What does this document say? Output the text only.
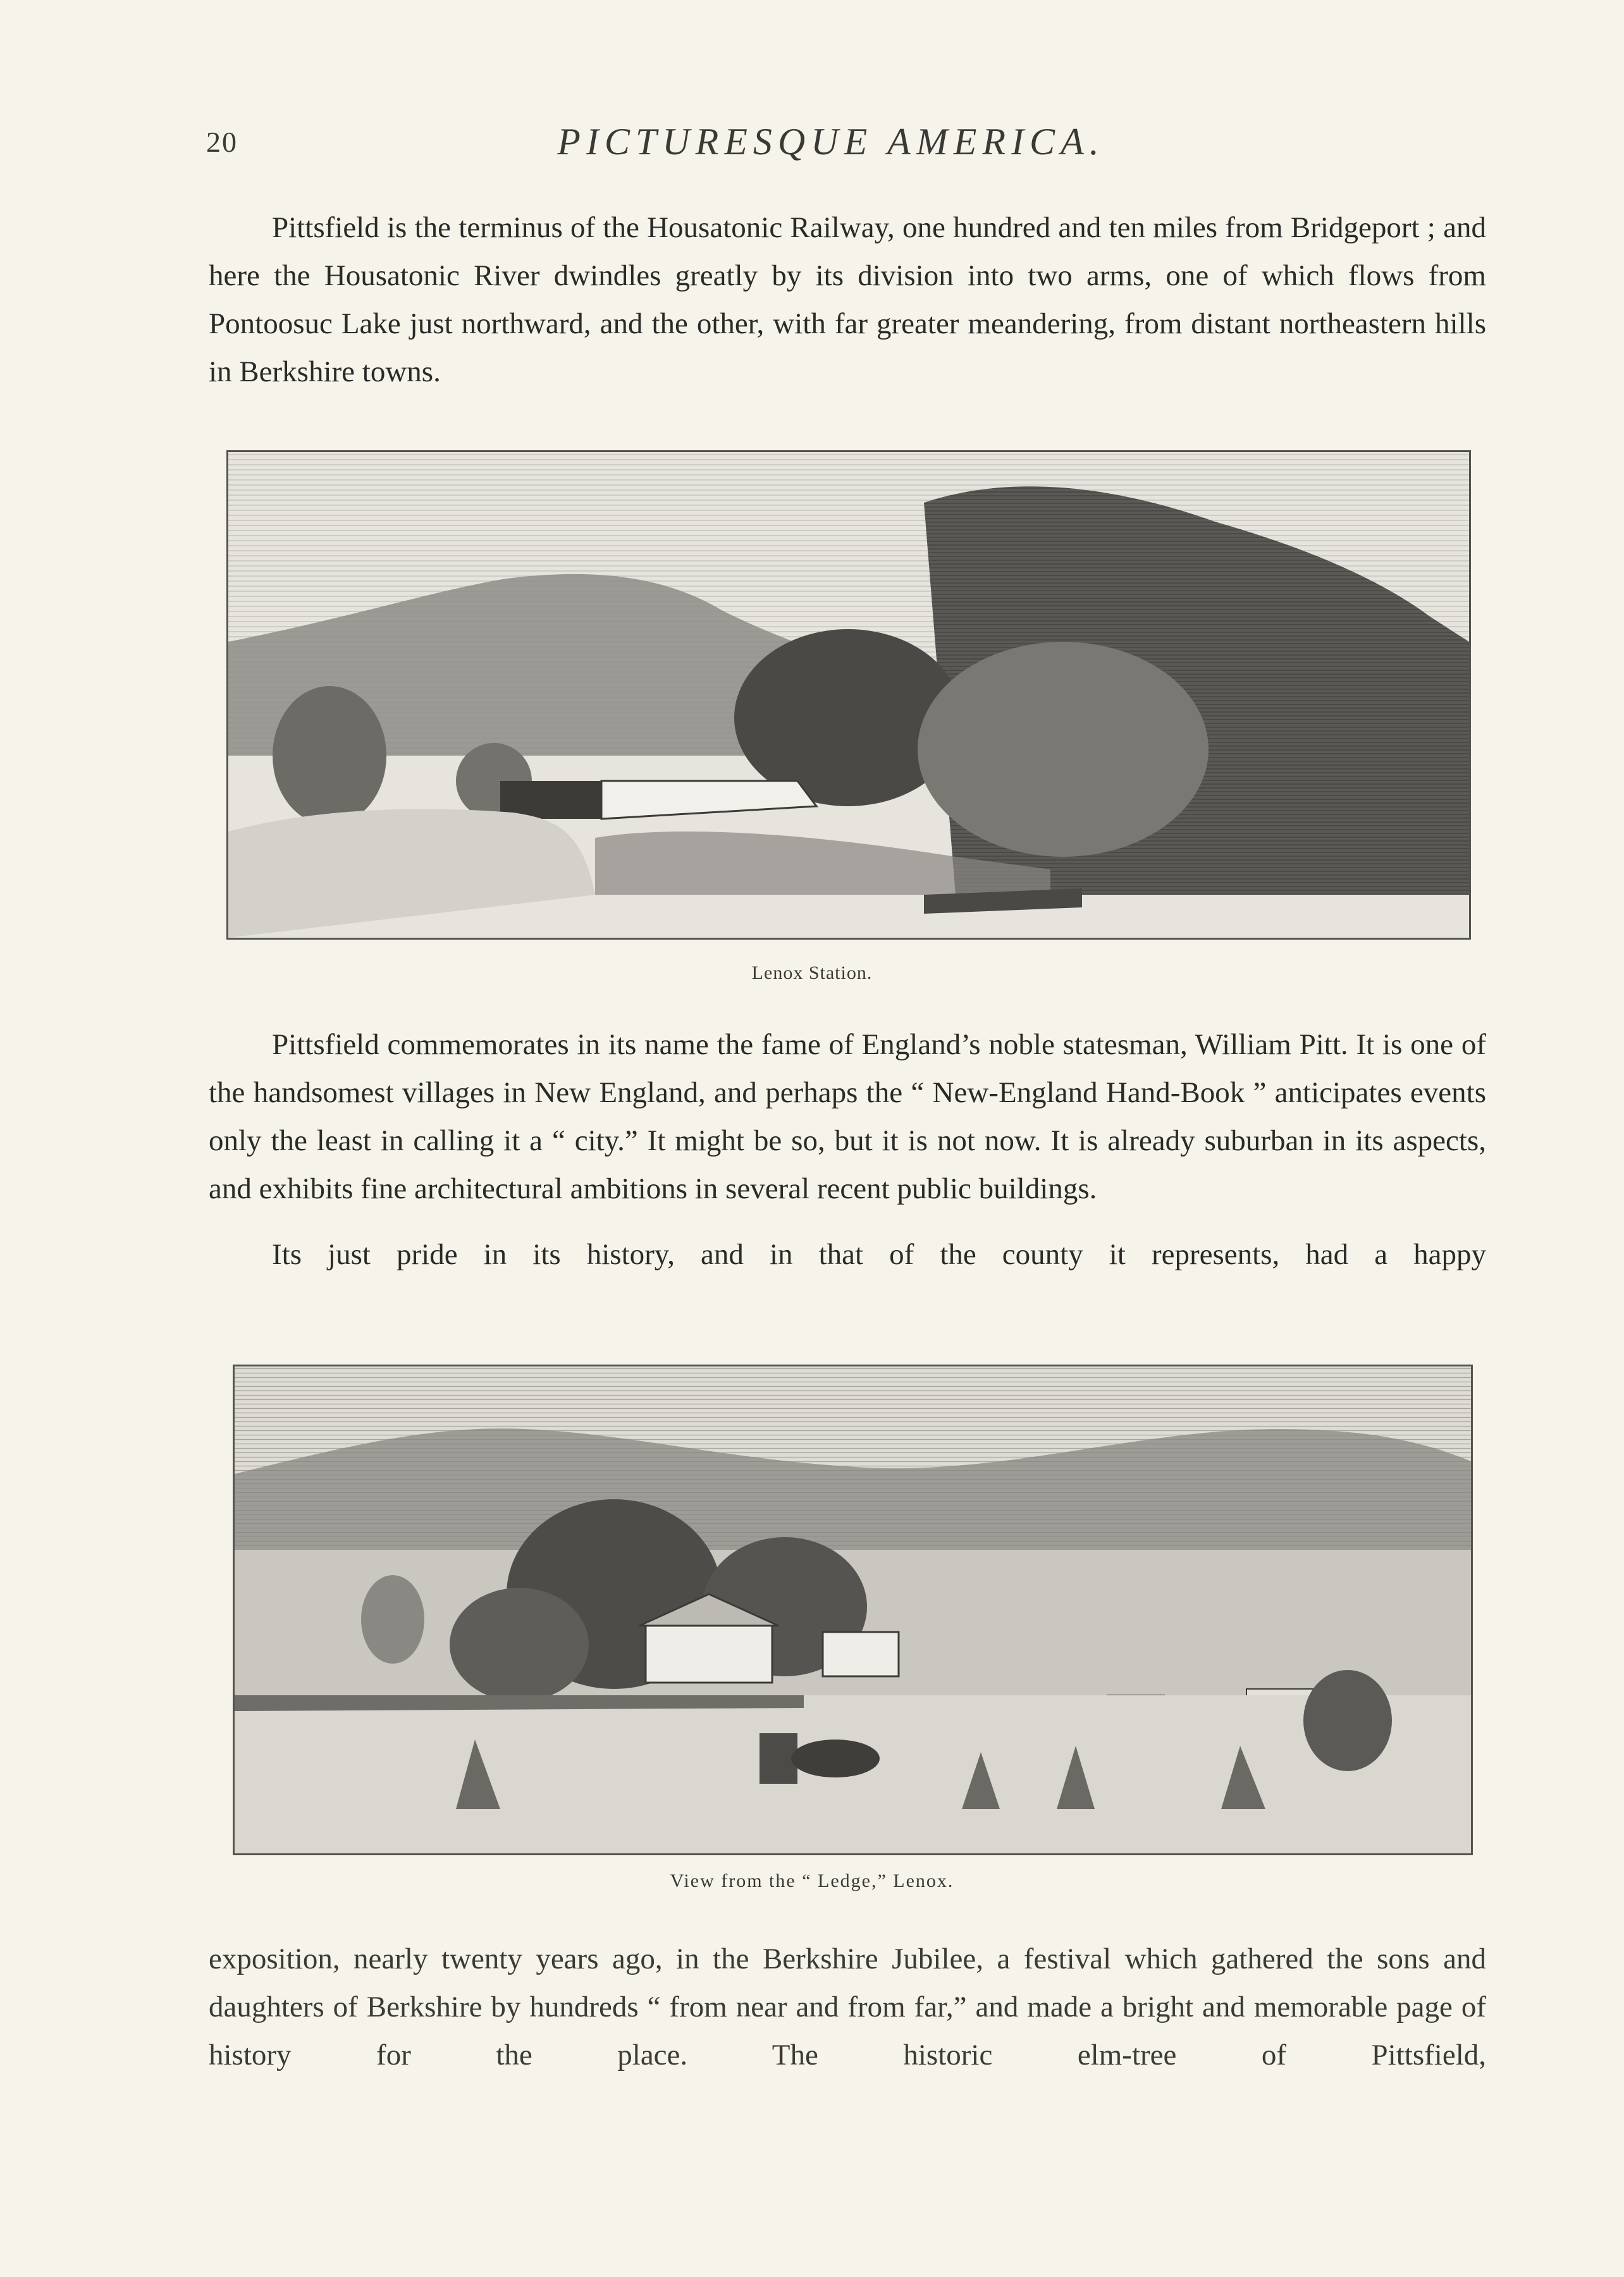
20	PICTURESQUE AMERICA.

Pittsfield is the terminus of the Housatonic Railway, one hundred and ten miles from Bridgeport ; and here the Housatonic River dwindles greatly by its division into two arms, one of which flows from Pontoosuc Lake just northward, and the other, with far greater meandering, from distant northeastern hills in Berkshire towns.

Lenox Station.

Pittsfield commemorates in its name the fame of England’s noble statesman, William Pitt. It is one of the handsomest villages in New England, and perhaps the “ New-England Hand-Book ” anticipates events only the least in calling it a “ city.” It might be so, but it is not now. It is already suburban in its aspects, and exhibits fine architectural ambitions in several recent public buildings.

Its just pride in its history, and in that of the county it represents, had a happy

View from the “ Ledge,” Lenox.

exposition, nearly twenty years ago, in the Berkshire Jubilee, a festival which gathered the sons and daughters of Berkshire by hundreds “ from near and from far,” and made a bright and memorable page of history for the place. The historic elm-tree of Pittsfield,
